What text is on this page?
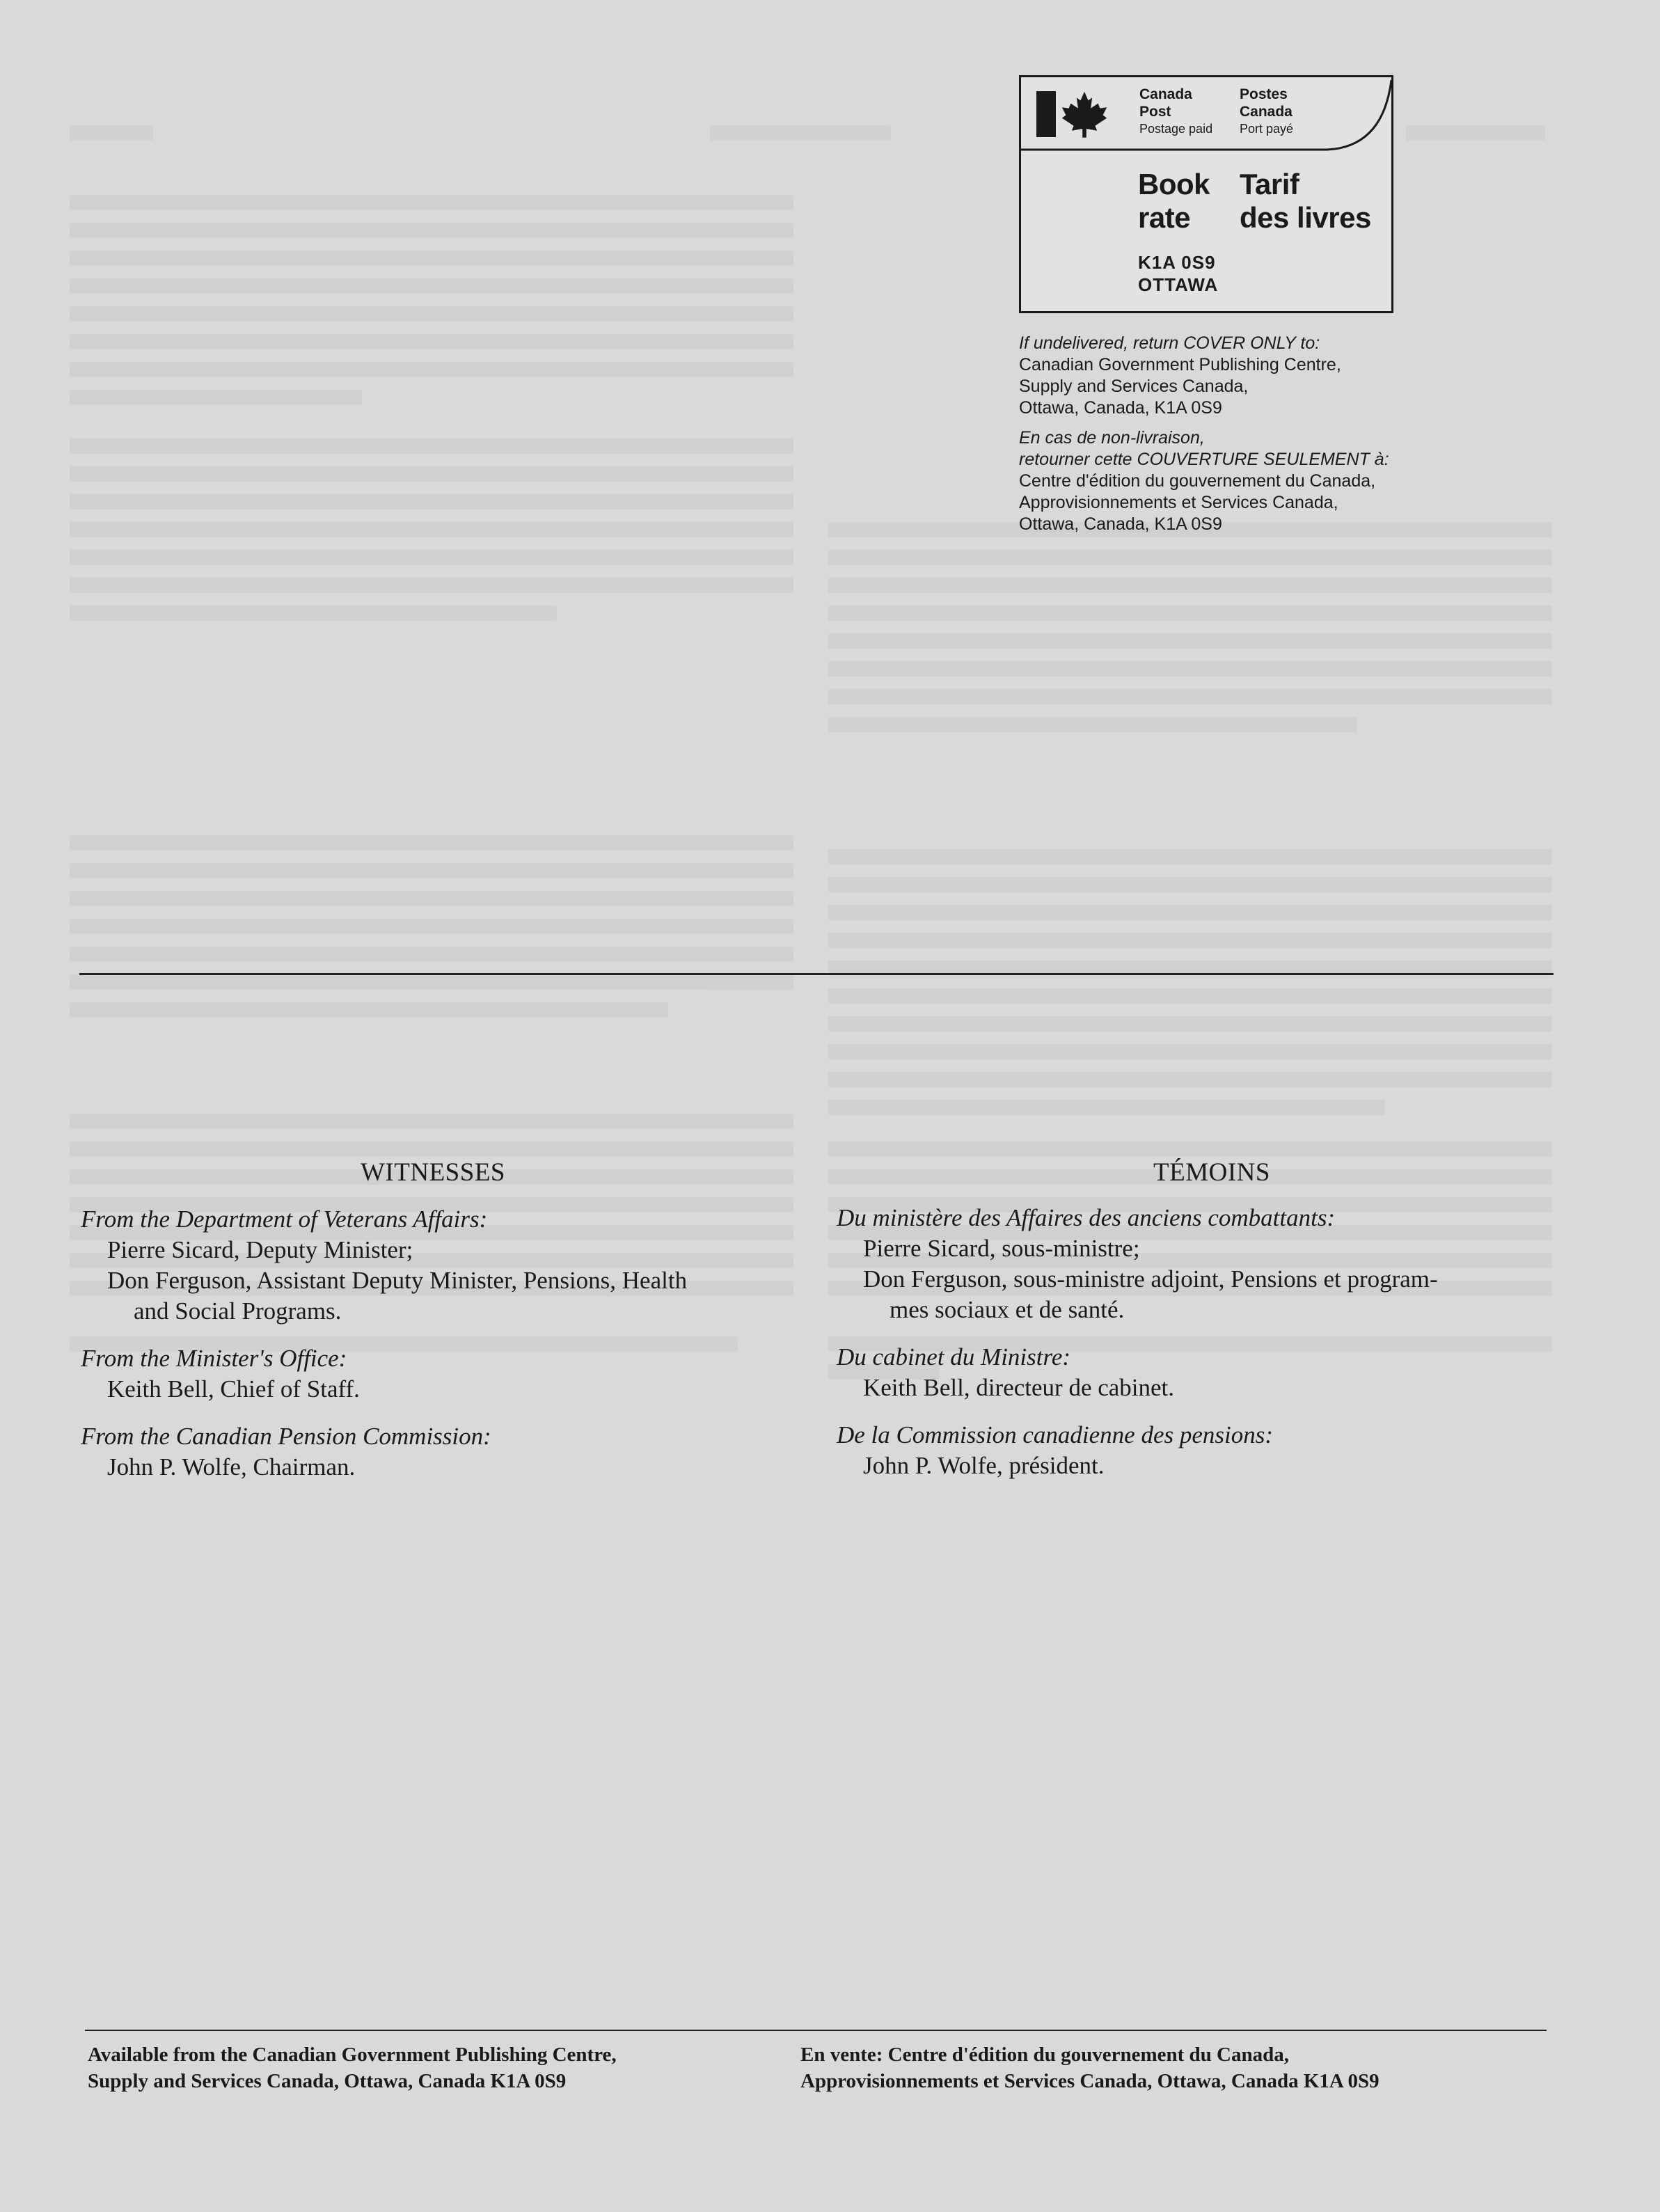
Canada
Post
Postage paid
Postes
Canada
Port payé
Book
rate
Tarif
des livres
K1A 0S9
OTTAWA
If undelivered, return COVER ONLY to:
Canadian Government Publishing Centre,
Supply and Services Canada,
Ottawa, Canada, K1A 0S9
En cas de non-livraison,
retourner cette COUVERTURE SEULEMENT à:
Centre d'édition du gouvernement du Canada,
Approvisionnements et Services Canada,
Ottawa, Canada, K1A 0S9
WITNESSES
From the Department of Veterans Affairs:
Pierre Sicard, Deputy Minister;
Don Ferguson, Assistant Deputy Minister, Pensions, Health
and Social Programs.
From the Minister's Office:
Keith Bell, Chief of Staff.
From the Canadian Pension Commission:
John P. Wolfe, Chairman.
TÉMOINS
Du ministère des Affaires des anciens combattants:
Pierre Sicard, sous-ministre;
Don Ferguson, sous-ministre adjoint, Pensions et program-
mes sociaux et de santé.
Du cabinet du Ministre:
Keith Bell, directeur de cabinet.
De la Commission canadienne des pensions:
John P. Wolfe, président.
Available from the Canadian Government Publishing Centre,
Supply and Services Canada, Ottawa, Canada K1A 0S9
En vente: Centre d'édition du gouvernement du Canada,
Approvisionnements et Services Canada, Ottawa, Canada K1A 0S9
